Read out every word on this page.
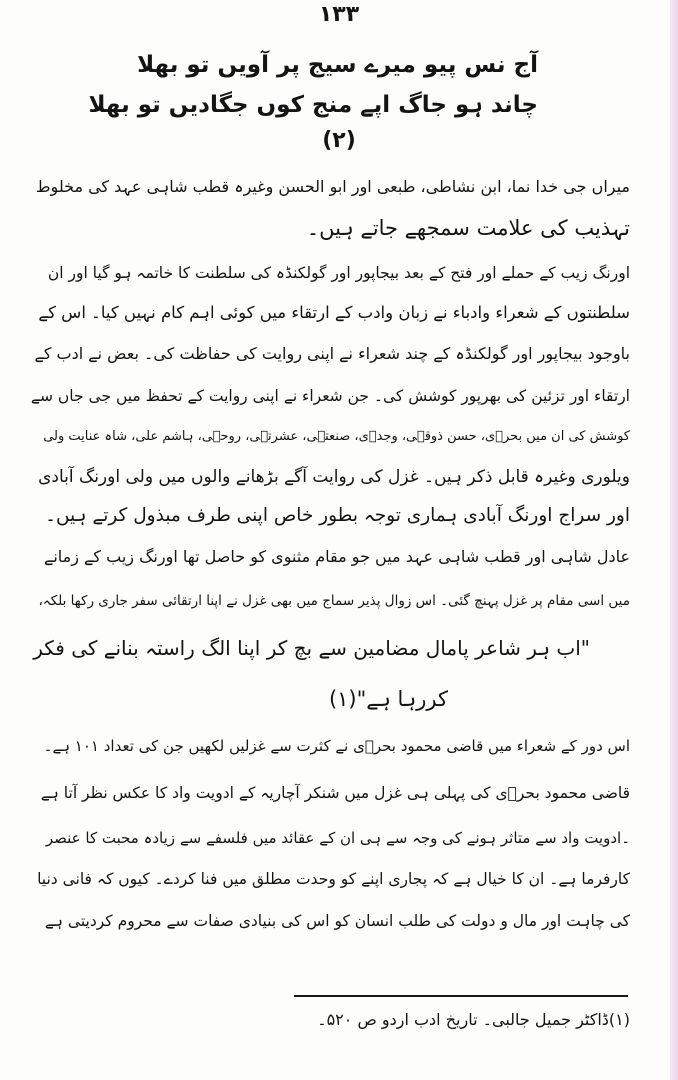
۱۳۳
آج نس پیو میرے سیج پر آویں تو بھلا
چاند ہو جاگ اپے منج کوں جگادیں تو بھلا
(۲)
میراں جی خدا نما، ابن نشاطی، طبعی اور ابو الحسن وغیرہ قطب شاہی عہد کی مخلوط
تہذیب کی علامت سمجھے جاتے ہیں۔
اورنگ زیب کے حملے اور فتح کے بعد بیجاپور اور گولکنڈہ کی سلطنت کا خاتمہ ہو گیا اور ان
سلطنتوں کے شعراء وادباء نے زبان وادب کے ارتقاء میں کوئی اہم کام نہیں کیا۔ اس کے
باوجود بیجاپور اور گولکنڈہ کے چند شعراء نے اپنی روایت کی حفاظت کی۔ بعض نے ادب کے
ارتقاء اور تزئین کی بھرپور کوشش کی۔ جن شعراء نے اپنی روایت کے تحفظ میں جی جاں سے
کوشش کی ان میں بحرؔی، حسن ذوقؔی، وجدؔی، صنعتؔی، عشرتؔی، روحؔی، ہاشم علی، شاہ عنایت ولی
ویلوری وغیرہ قابل ذکر ہیں۔ غزل کی روایت آگے بڑھانے والوں میں ولی اورنگ آبادی
اور سراج اورنگ آبادی ہماری توجہ بطور خاص اپنی طرف مبذول کرتے ہیں۔
عادل شاہی اور قطب شاہی عہد میں جو مقام مثنوی کو حاصل تھا اورنگ زیب کے زمانے
میں اسی مقام پر غزل پہنچ گئی۔ اس زوال پذیر سماج میں بھی غزل نے اپنا ارتقائی سفر جاری رکھا بلکہ،
"اب ہر شاعر پامال مضامین سے بچ کر اپنا الگ راستہ بنانے کی فکر
کررہا ہے"(۱)
اس دور کے شعراء میں قاضی محمود بحرؔی نے کثرت سے غزلیں لکھیں جن کی تعداد ۱۰۱ ہے۔
قاضی محمود بحرؔی کی پہلی ہی غزل میں شنکر آچاریہ کے ادویت واد کا عکس نظر آتا ہے
۔ادویت واد سے متاثر ہونے کی وجہ سے ہی ان کے عقائد میں فلسفے سے زیادہ محبت کا عنصر
کارفرما ہے۔ ان کا خیال ہے کہ پجاری اپنے کو وحدت مطلق میں فنا کردے۔ کیوں کہ فانی دنیا
کی چاہت اور مال و دولت کی طلب انسان کو اس کی بنیادی صفات سے محروم کردیتی ہے
(۱)ڈاکٹر جمیل جالبی۔ تاریخ ادب اردو ص ۵۲۰۔
